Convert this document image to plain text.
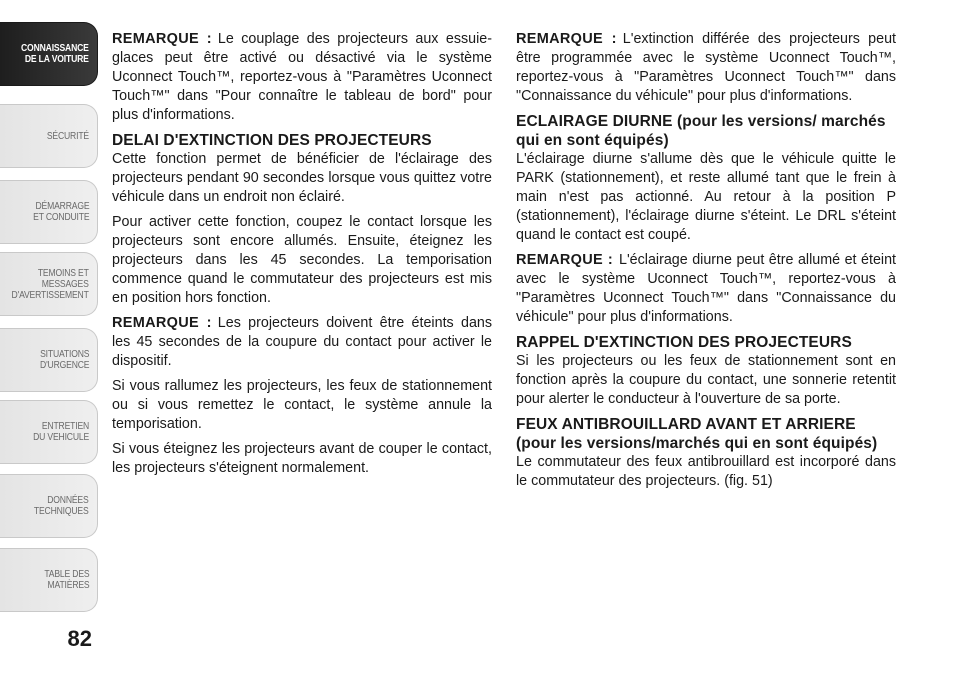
CONNAISSANCE
DE LA VOITURE
SÉCURITÉ
DÉMARRAGE
ET CONDUITE
TEMOINS ET
MESSAGES
D'AVERTISSEMENT
SITUATIONS
D'URGENCE
ENTRETIEN
DU VEHICULE
DONNÉES
TECHNIQUES
TABLE DES
MATIÈRES
82

REMARQUE : Le couplage des projecteurs aux essuie-glaces peut être activé ou désactivé via le système Uconnect Touch™, reportez-vous à "Paramètres Uconnect Touch™" dans "Pour connaître le tableau de bord" pour plus d'informations.

DELAI D'EXTINCTION DES PROJECTEURS

Cette fonction permet de bénéficier de l'éclairage des projecteurs pendant 90 secondes lorsque vous quittez votre véhicule dans un endroit non éclairé.

Pour activer cette fonction, coupez le contact lorsque les projecteurs sont encore allumés. Ensuite, éteignez les projecteurs dans les 45 secondes. La temporisation commence quand le commutateur des projecteurs est mis en position hors fonction.

REMARQUE : Les projecteurs doivent être éteints dans les 45 secondes de la coupure du contact pour activer le dispositif.

Si vous rallumez les projecteurs, les feux de stationnement ou si vous remettez le contact, le système annule la temporisation.

Si vous éteignez les projecteurs avant de couper le contact, les projecteurs s'éteignent normalement.

REMARQUE : L'extinction différée des projecteurs peut être programmée avec le système Uconnect Touch™, reportez-vous à "Paramètres Uconnect Touch™" dans "Connaissance du véhicule" pour plus d'informations.

ECLAIRAGE DIURNE (pour les versions/ marchés qui en sont équipés)

L'éclairage diurne s'allume dès que le véhicule quitte le PARK (stationnement), et reste allumé tant que le frein à main n'est pas actionné. Au retour à la position P (stationnement), l'éclairage diurne s'éteint. Le DRL s'éteint quand le contact est coupé.

REMARQUE : L'éclairage diurne peut être allumé et éteint avec le système Uconnect Touch™, reportez-vous à "Paramètres Uconnect Touch™" dans "Connaissance du véhicule" pour plus d'informations.

RAPPEL D'EXTINCTION DES PROJECTEURS

Si les projecteurs ou les feux de stationnement sont en fonction après la coupure du contact, une sonnerie retentit pour alerter le conducteur à l'ouverture de sa porte.

FEUX ANTIBROUILLARD AVANT ET ARRIERE (pour les versions/marchés qui en sont équipés)

Le commutateur des feux antibrouillard est incorporé dans le commutateur des projecteurs. (fig. 51)
